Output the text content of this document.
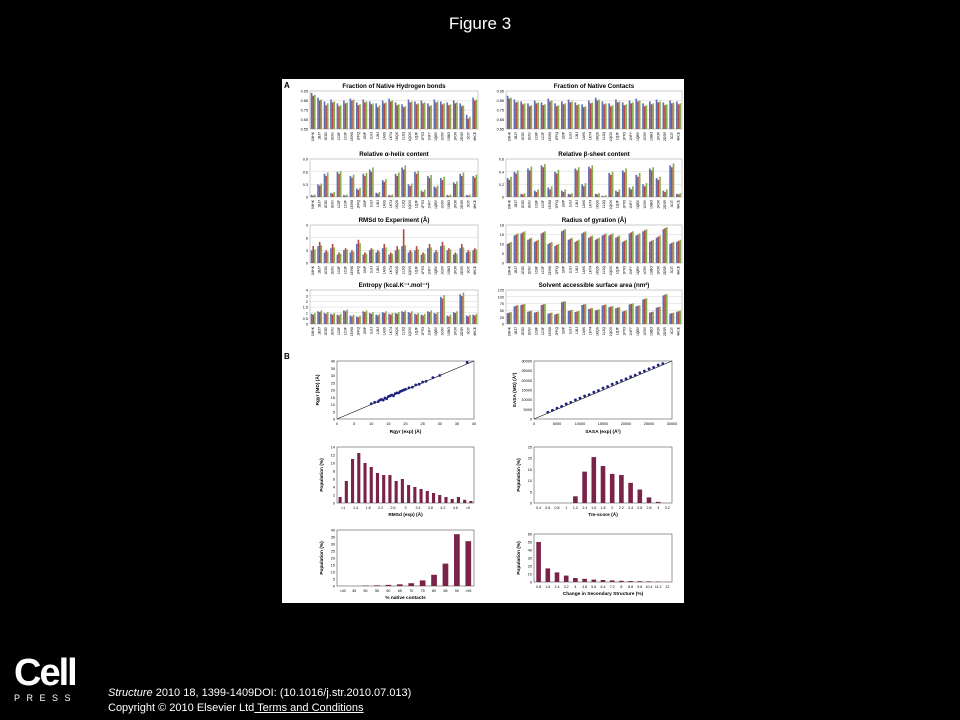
Figure 3
A
B
Fraction of Native Hydrogen bonds
0.95
0.85
0.75
0.65
0.55
1MHK 1BJ7 1E3D 1EN0 1C8F 1C3F 1EW8 1FFQ 1BIP 1L6J 1J6J 1A9S 1KT4 1KQS 1L2Q 1QOX 1QJF 1P7O 1NFY 1QBV 1G9V 1SBO 1R0R 2DSR 3CIT 4HCE
Fraction of Native Contacts
0.95
0.85
0.75
0.65
0.55
1MHK 1BJ7 1E3D 1EN0 1C8F 1C3F 1EW8 1FFQ 1BIP 1L6J 1J6J 1A9S 1KT4 1KQS 1L2Q 1QOX 1QJF 1P7O 1NFY 1QBV 1G9V 1SBO 1R0R 2DSR 3CIT 4HCE
Relative α-helix content
0.9
0.6
0.3
0
1MHK 1BJ7 1E3D 1EN0 1C8F 1C3F 1EW8 1FFQ 1BIP 1L6J 1J6J 1A9S 1KT4 1KQS 1L2Q 1QOX 1QJF 1P7O 1NFY 1QBV 1G9V 1SBO 1R0R 2DSR 3CIT 4HCE
Relative β-sheet content
0.6
0.4
0.2
0
1MHK 1BJ7 1E3D 1EN0 1C8F 1C3F 1EW8 1FFQ 1BIP 1L6J 1J6J 1A9S 1KT4 1KQS 1L2Q 1QOX 1QJF 1P7O 1NFY 1QBV 1G9V 1SBO 1R0R 2DSR 3CIT 4HCE
RMSd to Experiment (Å)
9
6
3
0
1MHK 1BJ7 1E3D 1EN0 1C8F 1C3F 1EW8 1FFQ 1BIP 1L6J 1J6J 1A9S 1KT4 1KQS 1L2Q 1QOX 1QJF 1P7O 1NFY 1QBV 1G9V 1SBO 1R0R 2DSR 3CIT 4HCE
Radius of gyration (Å)
18
15
10
5
0
1MHK 1BJ7 1E3D 1EN0 1C8F 1C3F 1EW8 1FFQ 1BIP 1L6J 1J6J 1A9S 1KT4 1KQS 1L2Q 1QOX 1QJF 1P7O 1NFY 1QBV 1G9V 1SBO 1R0R 2DSR 3CIT 4HCE
Entropy (kcal.K⁻¹.mol⁻¹)
4
3
2
1.5
1
0.5
0
1MHK 1BJ7 1E3D 1EN0 1C8F 1C3F 1EW8 1FFQ 1BIP 1L6J 1J6J 1A9S 1KT4 1KQS 1L2Q 1QOX 1QJF 1P7O 1NFY 1QBV 1G9V 1SBO 1R0R 2DSR 3CIT 4HCE
Solvent accessible surface area (nm²)
125
100
75
50
25
0
1MHK 1BJ7 1E3D 1EN0 1C8F 1C3F 1EW8 1FFQ 1BIP 1L6J 1J6J 1A9S 1KT4 1KQS 1L2Q 1QOX 1QJF 1P7O 1NFY 1QBV 1G9V 1SBO 1R0R 2DSR 3CIT 4HCE
0	5	10	15	20	25	30	35	40
0
5
10
15
20
25
30
35
40
Rgyr (exp) (Å)
Rgyr (MD) (Å)
0	5000	10000	15000	20000	25000	30000
0
5000
10000
15000
20000
25000
30000
SASA (exp) (Å²)
SASA (MD) (Å²)
0
2
4
6
8
10
12
14
<1 1.4 1.8 2.2 2.6 3 3.4 3.8 4.2 4.6 >5
RMSd (exp) (Å)
Population (%)
0
5
10
15
20
25
0.4 0.6 0.8 1 1.2 1.4 1.6 1.8 2 2.2 2.4 2.6 2.8 3 3.2
Tm-score (Å)
Population (%)
0
5
10
15
20
25
30
35
40
<40 45 50 55 60 65 70 75 80 85 90 >95
% native contacts
Population (%)
0
10
20
30
40
50
60
0.8 1.6 2.4 3.2 4 4.8 5.6 6.4 7.2 8 8.8 9.6 10.4 11.2 12
Change in Secondary Structure (%)
Population (%)
Cell
PRESS	Structure 2010 18, 1399-1409DOI: (10.1016/j.str.2010.07.013)
Copyright © 2010 Elsevier Ltd Terms and Conditions
